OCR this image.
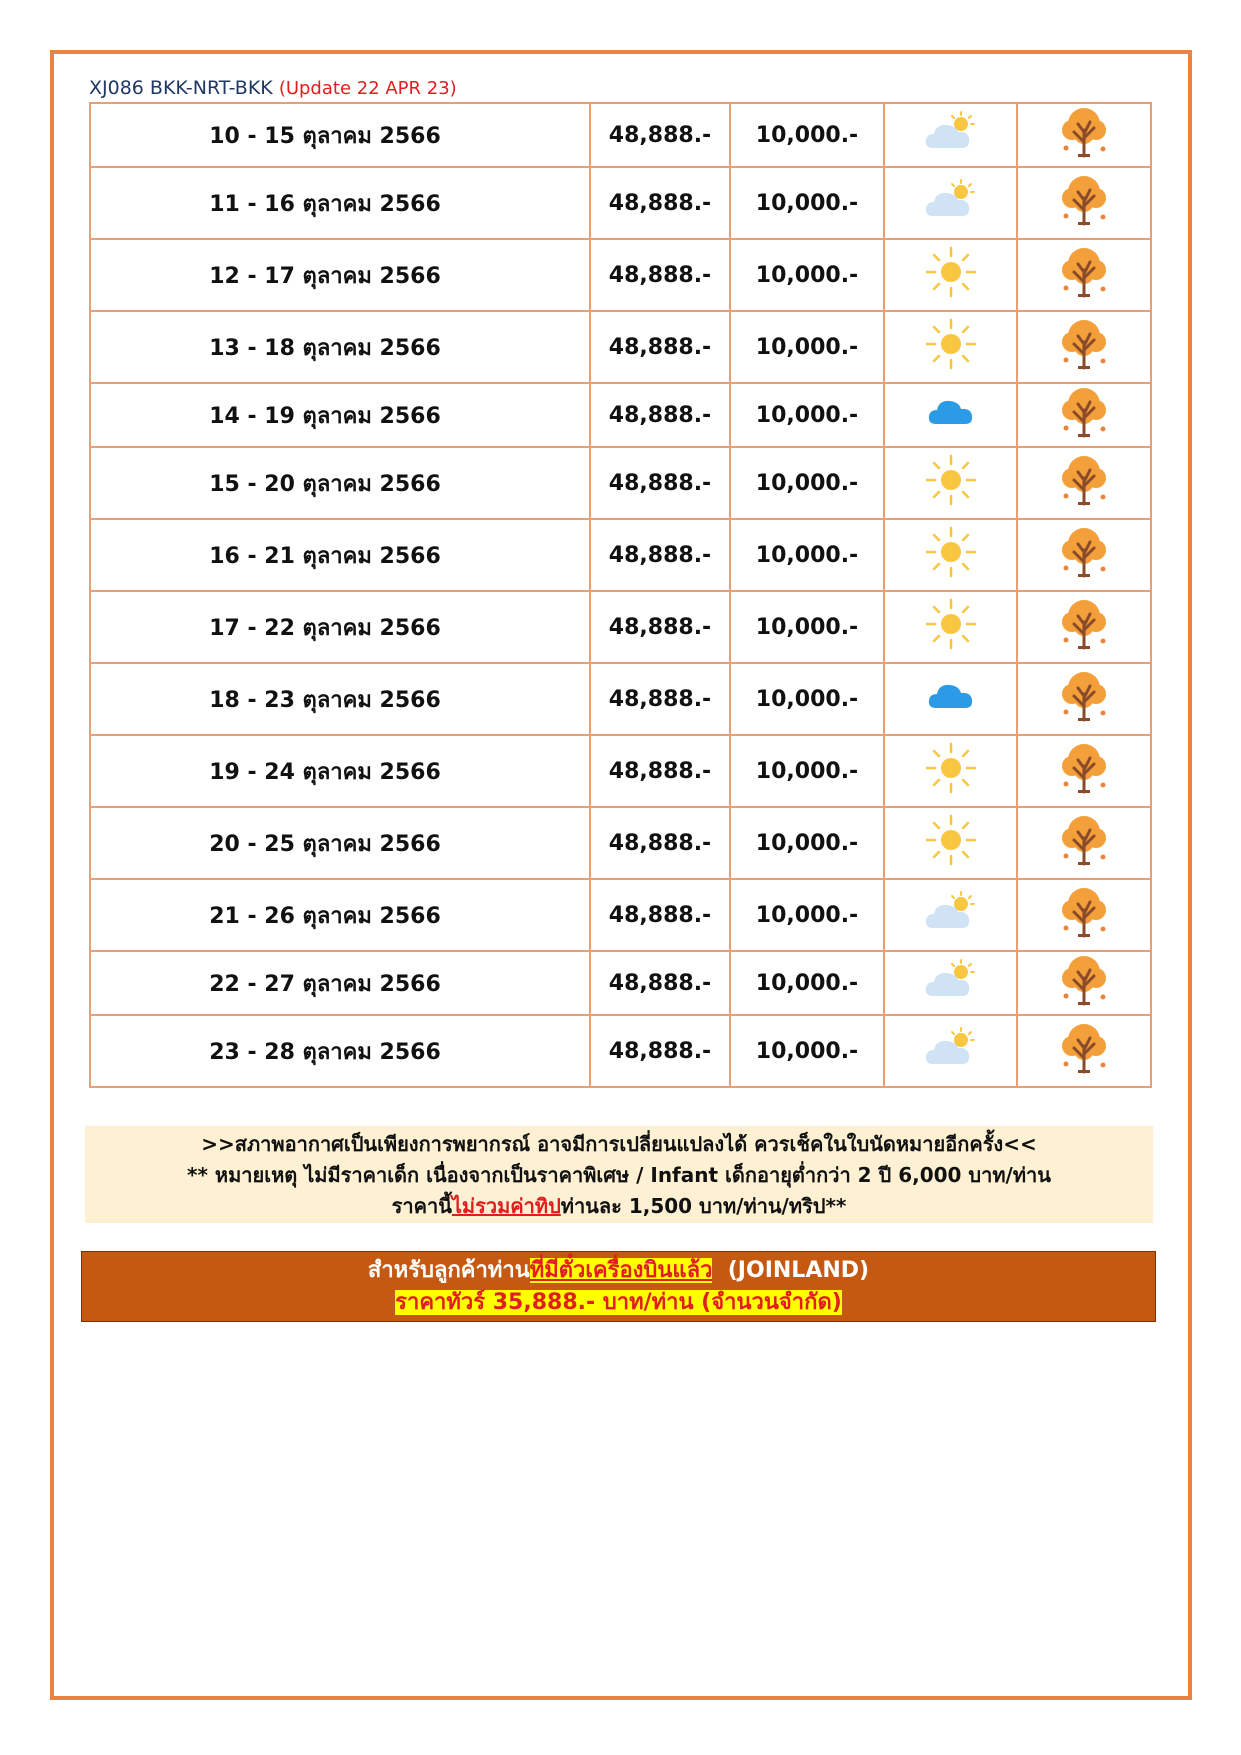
XJ086 BKK-NRT-BKK (Update 22 APR 23)
10 - 15 ตุลาคม 2566	48,888.-	10,000.-		
11 - 16 ตุลาคม 2566	48,888.-	10,000.-		
12 - 17 ตุลาคม 2566	48,888.-	10,000.-		
13 - 18 ตุลาคม 2566	48,888.-	10,000.-		
14 - 19 ตุลาคม 2566	48,888.-	10,000.-		
15 - 20 ตุลาคม 2566	48,888.-	10,000.-		
16 - 21 ตุลาคม 2566	48,888.-	10,000.-		
17 - 22 ตุลาคม 2566	48,888.-	10,000.-		
18 - 23 ตุลาคม 2566	48,888.-	10,000.-		
19 - 24 ตุลาคม 2566	48,888.-	10,000.-		
20 - 25 ตุลาคม 2566	48,888.-	10,000.-		
21 - 26 ตุลาคม 2566	48,888.-	10,000.-		
22 - 27 ตุลาคม 2566	48,888.-	10,000.-		
23 - 28 ตุลาคม 2566	48,888.-	10,000.-		
>>สภาพอากาศเป็นเพียงการพยากรณ์ อาจมีการเปลี่ยนแปลงได้ ควรเช็คในใบนัดหมายอีกครั้ง<<
** หมายเหตุ ไม่มีราคาเด็ก เนื่องจากเป็นราคาพิเศษ / Infant เด็กอายุต่ำกว่า 2 ปี 6,000 บาท/ท่าน
ราคานี้ไม่รวมค่าทิปท่านละ 1,500 บาท/ท่าน/ทริป**
สำหรับลูกค้าท่านที่มีตั๋วเครื่องบินแล้ว  (JOINLAND)
ราคาทัวร์ 35,888.- บาท/ท่าน (จำนวนจำกัด)
